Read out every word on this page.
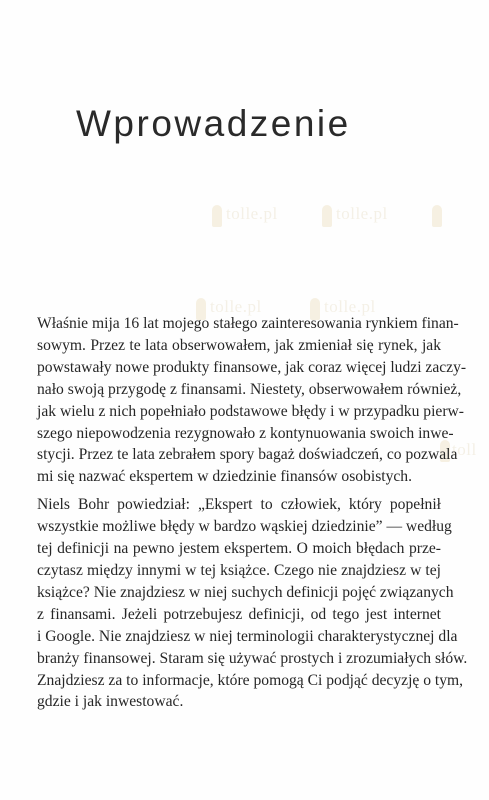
tolle.pl	tolle.pl
tolle.pl	tolle.pl
toll
Wprowadzenie

Właśnie mija 16 lat mojego stałego zainteresowania rynkiem finan-
sowym. Przez te lata obserwowałem, jak zmieniał się rynek, jak
powstawały nowe produkty finansowe, jak coraz więcej ludzi zaczy-
nało swoją przygodę z finansami. Niestety, obserwowałem również,
jak wielu z nich popełniało podstawowe błędy i w przypadku pierw-
szego niepowodzenia rezygnowało z kontynuowania swoich inwe-
stycji. Przez te lata zebrałem spory bagaż doświadczeń, co pozwala
mi się nazwać ekspertem w dziedzinie finansów osobistych.

Niels Bohr powiedział: „Ekspert to człowiek, który popełnił
wszystkie możliwe błędy w bardzo wąskiej dziedzinie” — według
tej definicji na pewno jestem ekspertem. O moich błędach prze-
czytasz między innymi w tej książce. Czego nie znajdziesz w tej
książce? Nie znajdziesz w niej suchych definicji pojęć związanych
z finansami. Jeżeli potrzebujesz definicji, od tego jest internet
i Google. Nie znajdziesz w niej terminologii charakterystycznej dla
branży finansowej. Staram się używać prostych i zrozumiałych słów.
Znajdziesz za to informacje, które pomogą Ci podjąć decyzję o tym,
gdzie i jak inwestować.
